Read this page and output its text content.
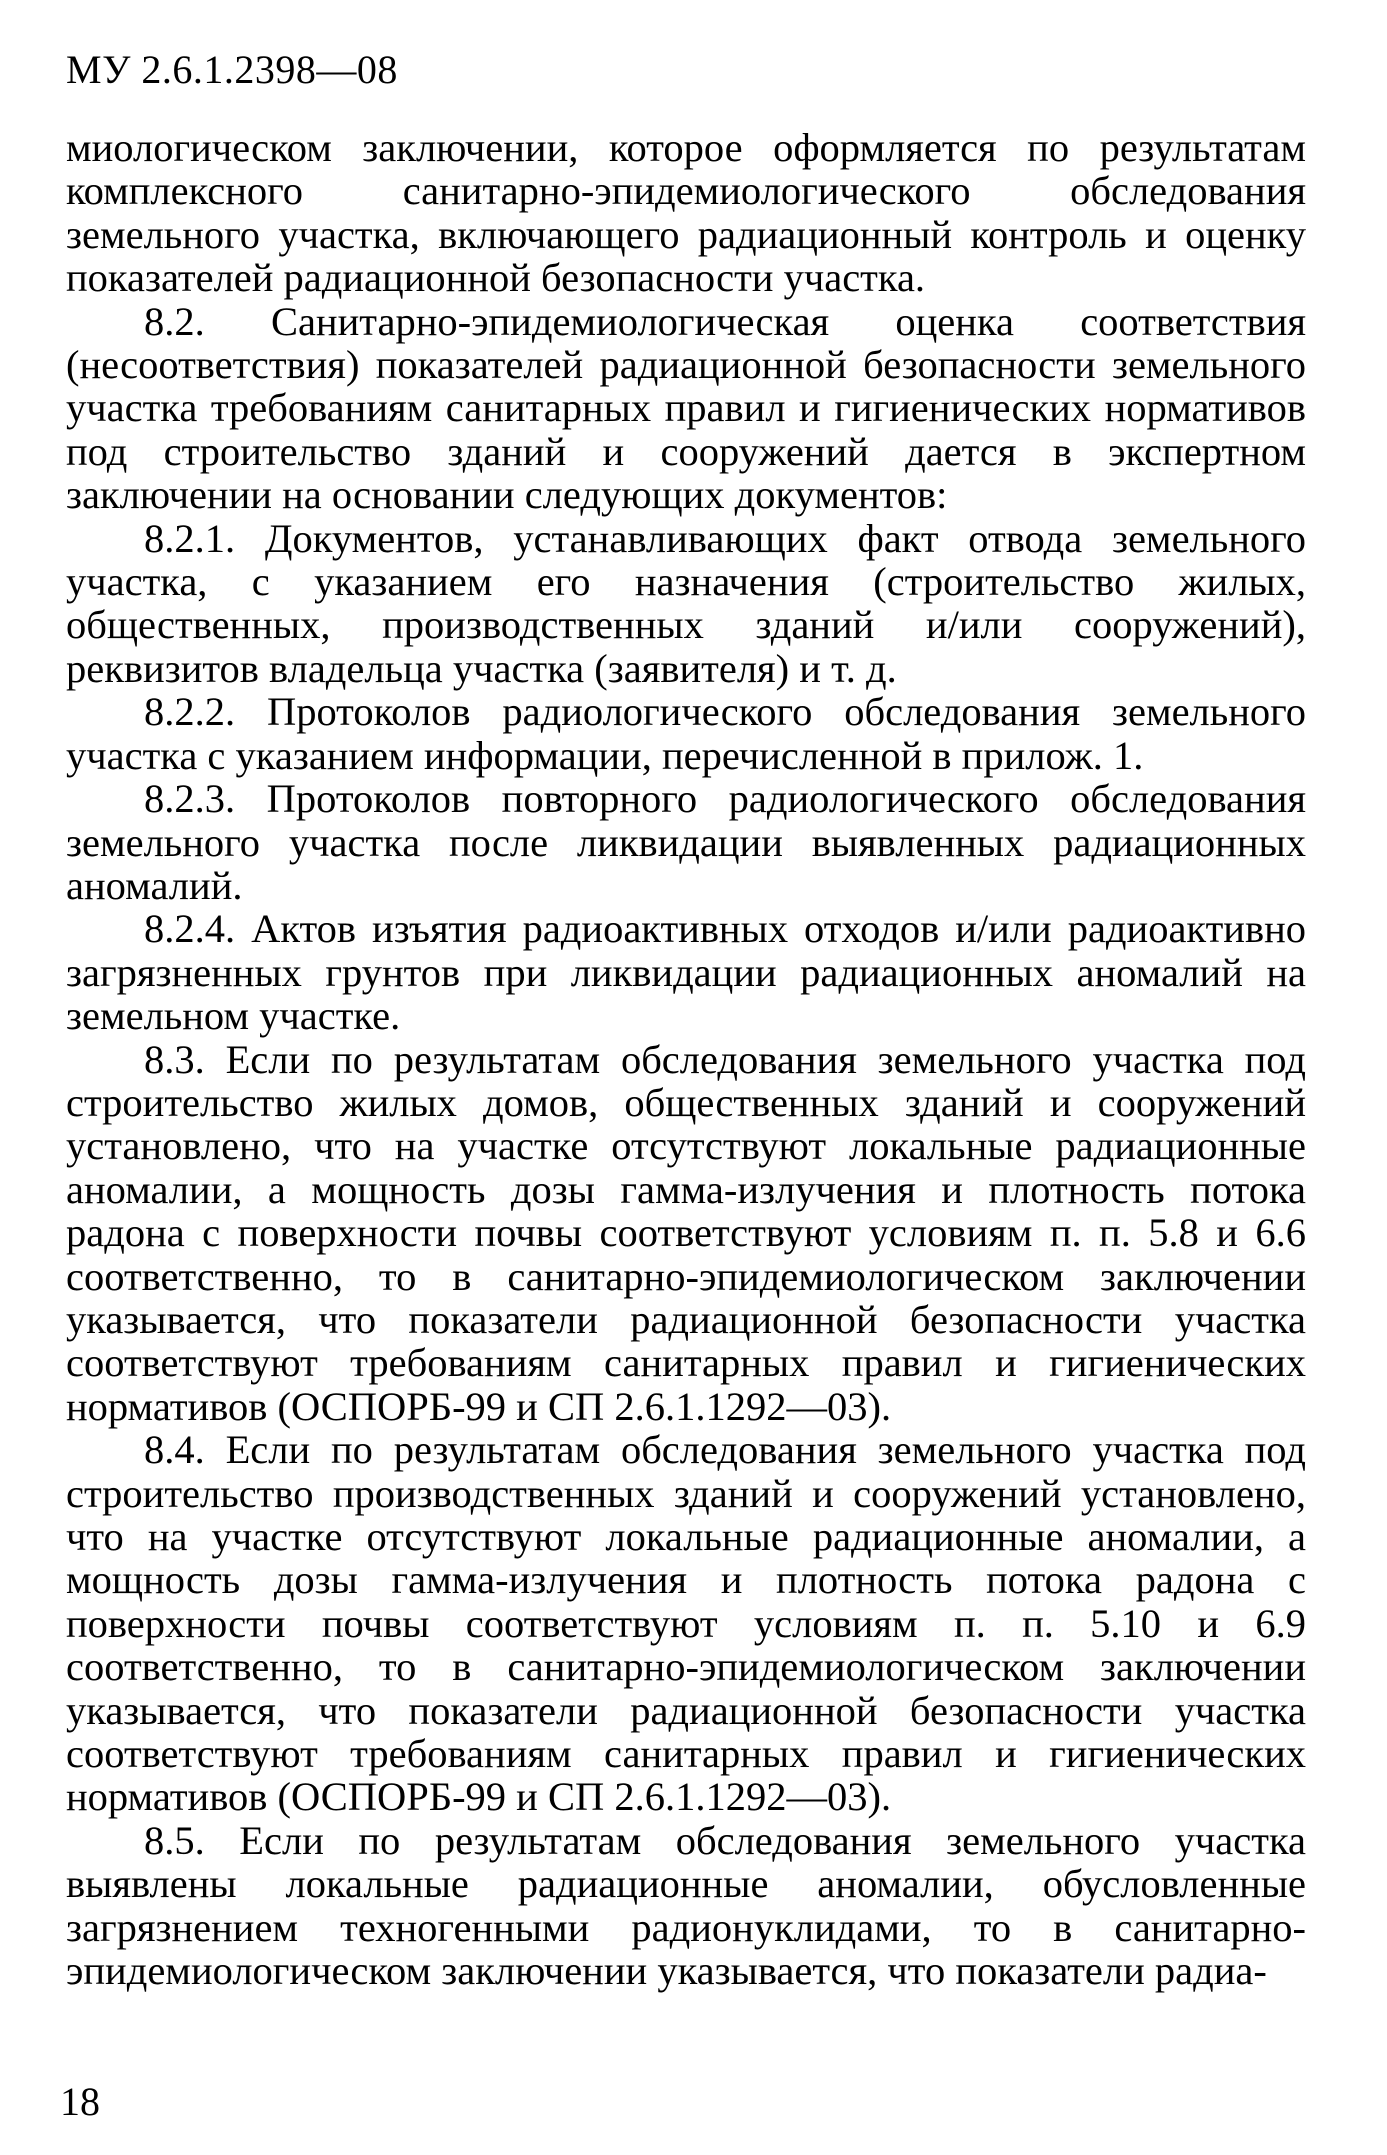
МУ 2.6.1.2398—08

миологическом заключении, которое оформляется по результатам комплексного санитарно-эпидемиологического обследования земельного участка, включающего радиационный контроль и оценку показателей радиационной безопасности участка.

8.2. Санитарно-эпидемиологическая оценка соответствия (несоответствия) показателей радиационной безопасности земельного участка требованиям санитарных правил и гигиенических нормативов под строительство зданий и сооружений дается в экспертном заключении на основании следующих документов:

8.2.1. Документов, устанавливающих факт отвода земельного участка, с указанием его назначения (строительство жилых, общественных, производственных зданий и/или сооружений), реквизитов владельца участка (заявителя) и т. д.

8.2.2. Протоколов радиологического обследования земельного участка с указанием информации, перечисленной в прилож. 1.

8.2.3. Протоколов повторного радиологического обследования земельного участка после ликвидации выявленных радиационных аномалий.

8.2.4. Актов изъятия радиоактивных отходов и/или радиоактивно загрязненных грунтов при ликвидации радиационных аномалий на земельном участке.

8.3. Если по результатам обследования земельного участка под строительство жилых домов, общественных зданий и сооружений установлено, что на участке отсутствуют локальные радиационные аномалии, а мощность дозы гамма-излучения и плотность потока радона с поверхности почвы соответствуют условиям п. п. 5.8 и 6.6 соответственно, то в санитарно-эпидемиологическом заключении указывается, что показатели радиационной безопасности участка соответствуют требованиям санитарных правил и гигиенических нормативов (ОСПОРБ-99 и СП 2.6.1.1292—03).

8.4. Если по результатам обследования земельного участка под строительство производственных зданий и сооружений установлено, что на участке отсутствуют локальные радиационные аномалии, а мощность дозы гамма-излучения и плотность потока радона с поверхности почвы соответствуют условиям п. п. 5.10 и 6.9 соответственно, то в санитарно-эпидемиологическом заключении указывается, что показатели радиационной безопасности участка соответствуют требованиям санитарных правил и гигиенических нормативов (ОСПОРБ-99 и СП 2.6.1.1292—03).

8.5. Если по результатам обследования земельного участка выявлены локальные радиационные аномалии, обусловленные загрязнением техногенными радионуклидами, то в санитарно-эпидемиологическом заключении указывается, что показатели радиа-

18
